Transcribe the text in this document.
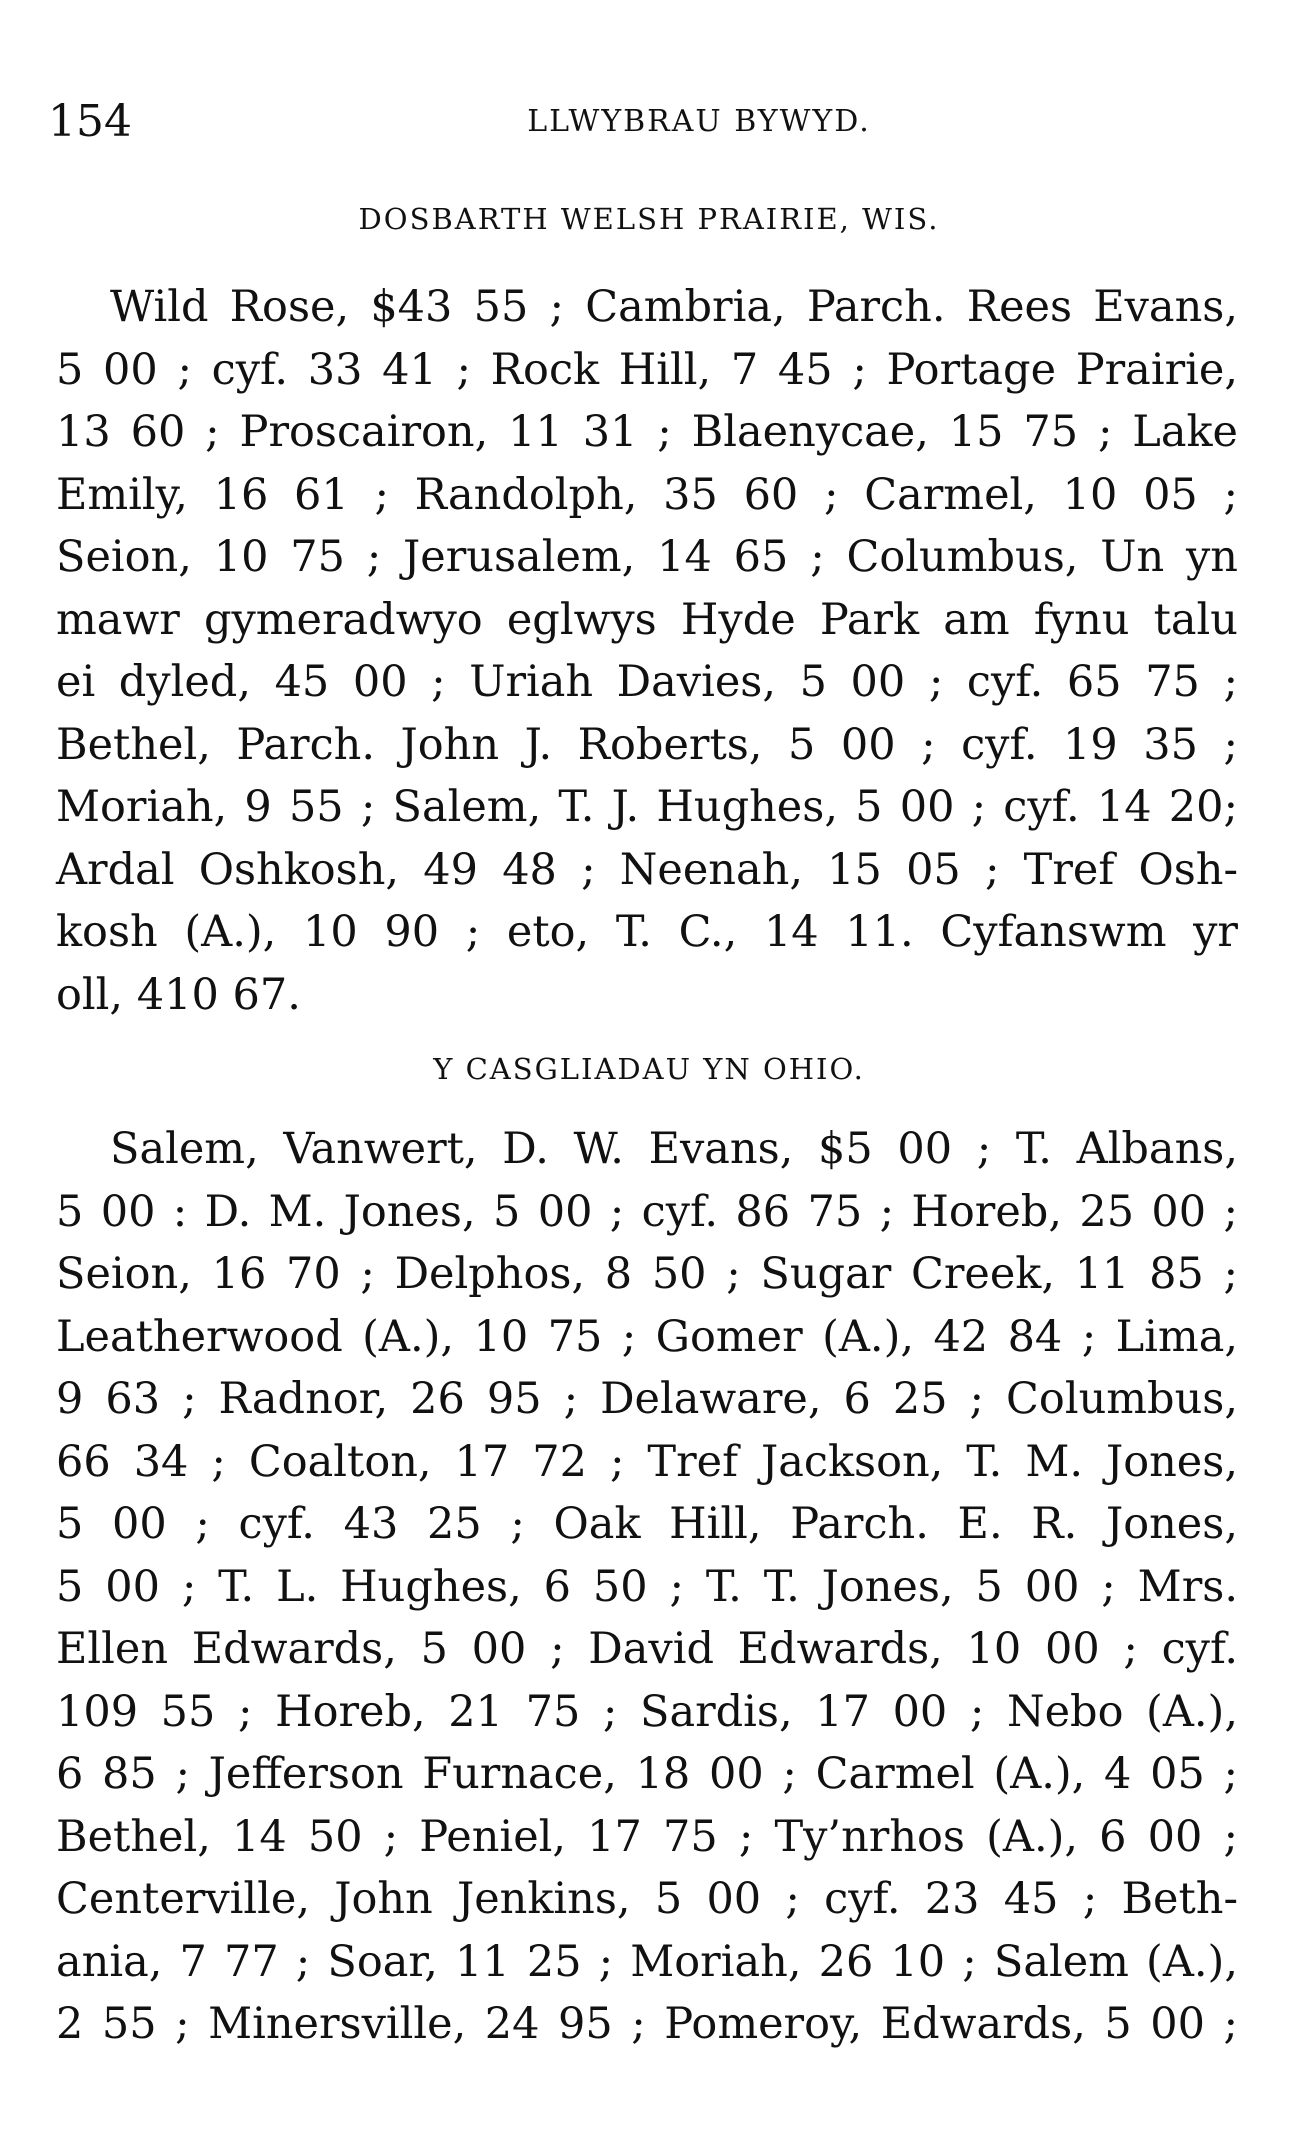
154	LLWYBRAU BYWYD.
DOSBARTH WELSH PRAIRIE, WIS.

Wild Rose, $43 55 ; Cambria, Parch. Rees Evans,
5 00 ; cyf. 33 41 ; Rock Hill, 7 45 ; Portage Prairie,
13 60 ; Proscairon, 11 31 ; Blaenycae, 15 75 ; Lake
Emily, 16 61 ; Randolph, 35 60 ; Carmel, 10 05 ;
Seion, 10 75 ; Jerusalem, 14 65 ; Columbus, Un yn
mawr gymeradwyo eglwys Hyde Park am fynu talu
ei dyled, 45 00 ; Uriah Davies, 5 00 ; cyf. 65 75 ;
Bethel, Parch. John J. Roberts, 5 00 ; cyf. 19 35 ;
Moriah, 9 55 ; Salem, T. J. Hughes, 5 00 ; cyf. 14 20;
Ardal Oshkosh, 49 48 ; Neenah, 15 05 ; Tref Osh-
kosh (A.), 10 90 ; eto, T. C., 14 11. Cyfanswm yr
oll, 410 67.

Y CASGLIADAU YN OHIO.

Salem, Vanwert, D. W. Evans, $5 00 ; T. Albans,
5 00 : D. M. Jones, 5 00 ; cyf. 86 75 ; Horeb, 25 00 ;
Seion, 16 70 ; Delphos, 8 50 ; Sugar Creek, 11 85 ;
Leatherwood (A.), 10 75 ; Gomer (A.), 42 84 ; Lima,
9 63 ; Radnor, 26 95 ; Delaware, 6 25 ; Columbus,
66 34 ; Coalton, 17 72 ; Tref Jackson, T. M. Jones,
5 00 ; cyf. 43 25 ; Oak Hill, Parch. E. R. Jones,
5 00 ; T. L. Hughes, 6 50 ; T. T. Jones, 5 00 ; Mrs.
Ellen Edwards, 5 00 ; David Edwards, 10 00 ; cyf.
109 55 ; Horeb, 21 75 ; Sardis, 17 00 ; Nebo (A.),
6 85 ; Jefferson Furnace, 18 00 ; Carmel (A.), 4 05 ;
Bethel, 14 50 ; Peniel, 17 75 ; Ty’nrhos (A.), 6 00 ;
Centerville, John Jenkins, 5 00 ; cyf. 23 45 ; Beth-
ania, 7 77 ; Soar, 11 25 ; Moriah, 26 10 ; Salem (A.),
2 55 ; Minersville, 24 95 ; Pomeroy, Edwards, 5 00 ;
